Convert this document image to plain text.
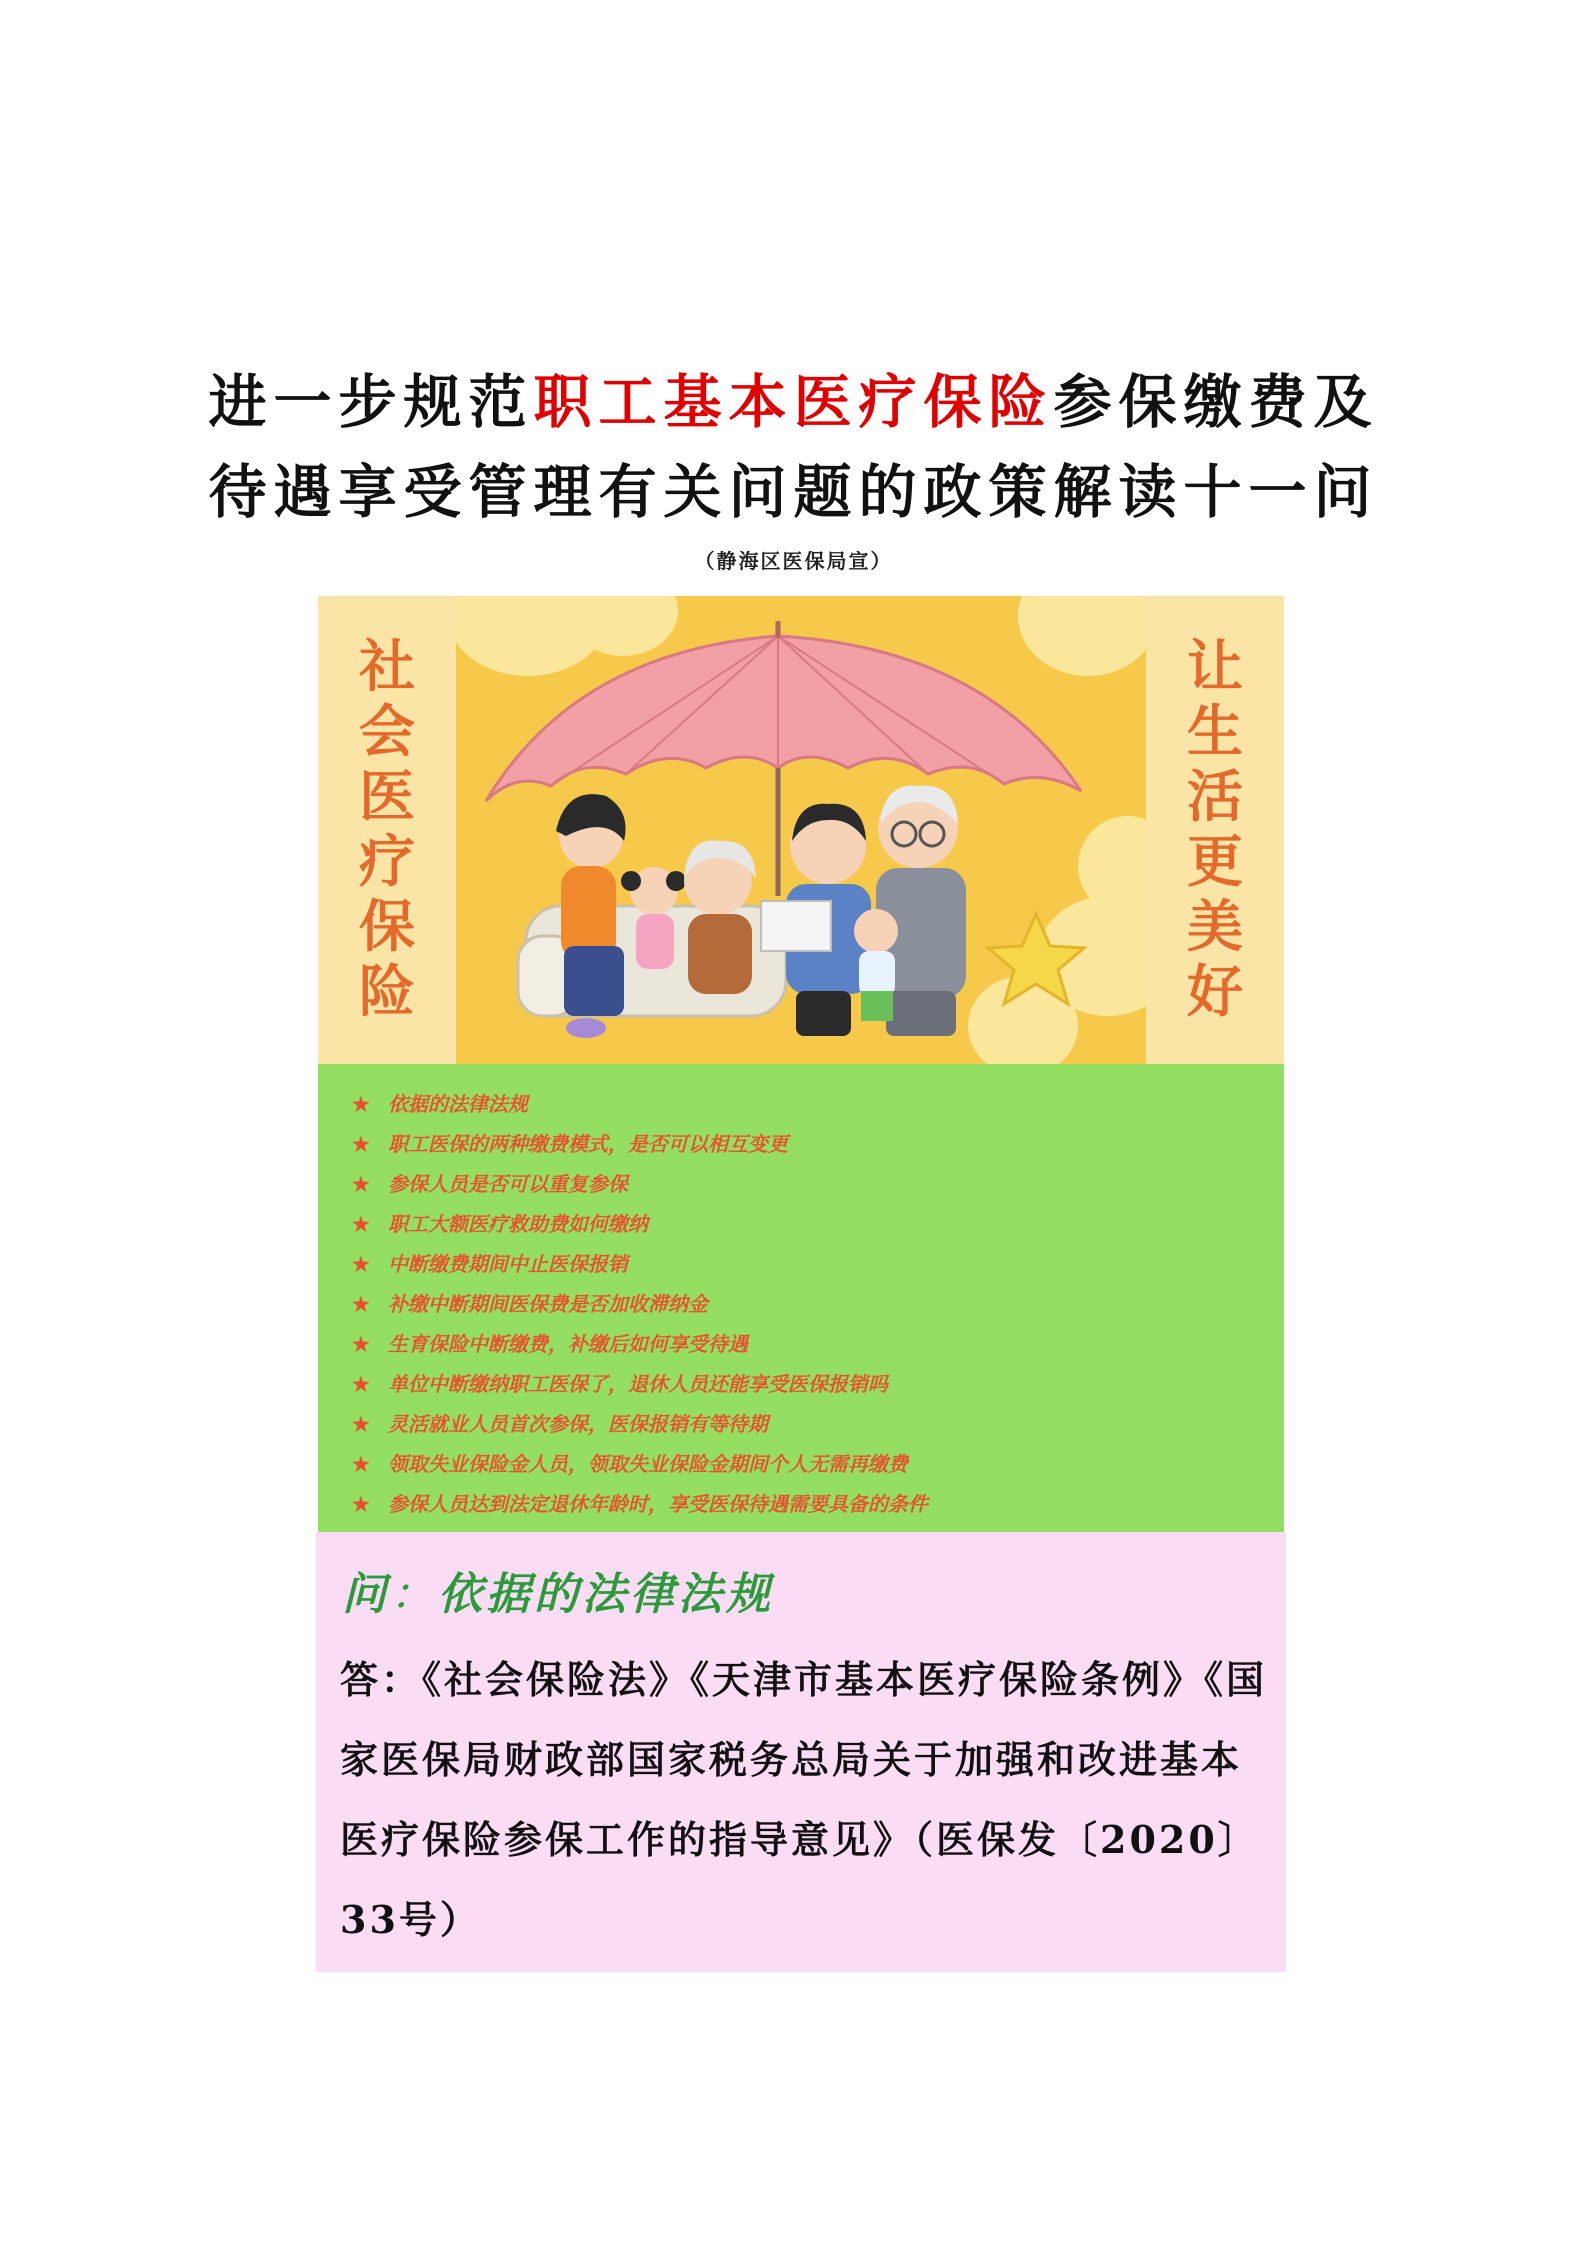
进一步规范职工基本医疗保险参保缴费及
待遇享受管理有关问题的政策解读十一问
（静海区医保局宣）
社
会
医
疗
保
险
让
生
活
更
美
好
★ 依据的法律法规
★ 职工医保的两种缴费模式，是否可以相互变更
★ 参保人员是否可以重复参保
★ 职工大额医疗救助费如何缴纳
★ 中断缴费期间中止医保报销
★ 补缴中断期间医保费是否加收滞纳金
★ 生育保险中断缴费，补缴后如何享受待遇
★ 单位中断缴纳职工医保了，退休人员还能享受医保报销吗
★ 灵活就业人员首次参保，医保报销有等待期
★ 领取失业保险金人员，领取失业保险金期间个人无需再缴费
★ 参保人员达到法定退休年龄时，享受医保待遇需要具备的条件
问：依据的法律法规
答：《社会保险法》《天津市基本医疗保险条例》《国家医保局财政部国家税务总局关于加强和改进基本医疗保险参保工作的指导意见》（医保发〔2020〕33号）
